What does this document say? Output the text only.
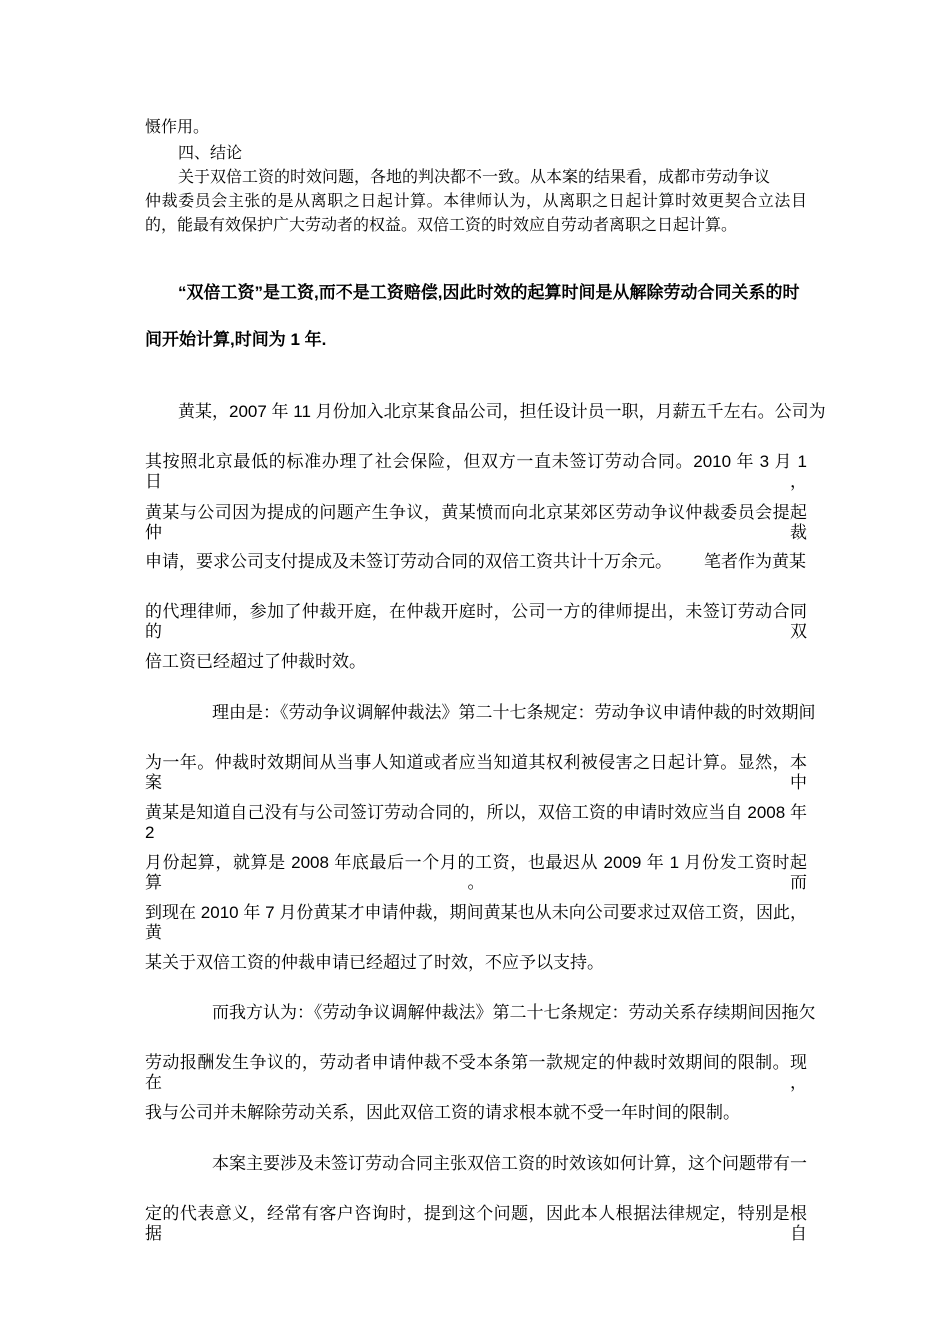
慑作用。
四、结论
关于双倍工资的时效问题，各地的判决都不一致。从本案的结果看，成都市劳动争议
仲裁委员会主张的是从离职之日起计算。本律师认为，从离职之日起计算时效更契合立法目
的，能最有效保护广大劳动者的权益。双倍工资的时效应自劳动者离职之日起计算。
“双倍工资”是工资,而不是工资赔偿,因此时效的起算时间是从解除劳动合同关系的时
间开始计算,时间为 1 年.
黄某，2007 年 11 月份加入北京某食品公司，担任设计员一职，月薪五千左右。公司为
其按照北京最低的标准办理了社会保险，但双方一直未签订劳动合同。2010 年 3 月 1 日，
黄某与公司因为提成的问题产生争议，黄某愤而向北京某郊区劳动争议仲裁委员会提起仲裁
申请，要求公司支付提成及未签订劳动合同的双倍工资共计十万余元。 笔者作为黄某
的代理律师，参加了仲裁开庭，在仲裁开庭时，公司一方的律师提出，未签订劳动合同的双
倍工资已经超过了仲裁时效。
理由是：《劳动争议调解仲裁法》第二十七条规定：劳动争议申请仲裁的时效期间
为一年。仲裁时效期间从当事人知道或者应当知道其权利被侵害之日起计算。显然，本案中
黄某是知道自己没有与公司签订劳动合同的，所以，双倍工资的申请时效应当自 2008 年 2
月份起算，就算是 2008 年底最后一个月的工资，也最迟从 2009 年 1 月份发工资时起算。而
到现在 2010 年 7 月份黄某才申请仲裁，期间黄某也从未向公司要求过双倍工资，因此，黄
某关于双倍工资的仲裁申请已经超过了时效，不应予以支持。
而我方认为：《劳动争议调解仲裁法》第二十七条规定：劳动关系存续期间因拖欠
劳动报酬发生争议的，劳动者申请仲裁不受本条第一款规定的仲裁时效期间的限制。现在，
我与公司并未解除劳动关系，因此双倍工资的请求根本就不受一年时间的限制。
本案主要涉及未签订劳动合同主张双倍工资的时效该如何计算，这个问题带有一
定的代表意义，经常有客户咨询时，提到这个问题，因此本人根据法律规定，特别是根据自
